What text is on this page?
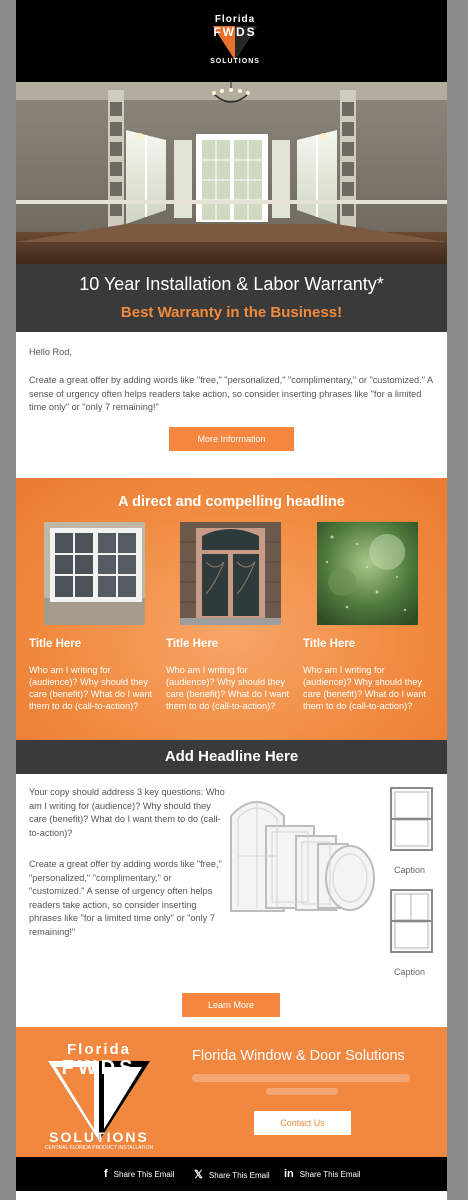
Florida
FWDS
SOLUTIONS
10 Year Installation & Labor Warranty*
Best Warranty in the Business!
Hello Rod,
Create a great offer by adding words like "free," "personalized," "complimentary," or "customized." A sense of urgency often helps readers take action, so consider inserting phrases like "for a limited time only" or "only 7 remaining!"
More Information
A direct and compelling headline
Title Here
Who am I writing for (audience)? Why should they care (benefit)? What do I want them to do (call-to-action)?
Title Here
Who am I writing for (audience)? Why should they care (benefit)? What do I want them to do (call-to-action)?
Title Here
Who am I writing for (audience)? Why should they care (benefit)? What do I want them to do (call-to-action)?
Add Headline Here
Your copy should address 3 key questions: Who am I writing for (audience)? Why should they care (benefit)? What do I want them to do (call-to-action)?
Create a great offer by adding words like "free," "personalized," "complimentary," or "customized." A sense of urgency often helps readers take action, so consider inserting phrases like "for a limited time only" or "only 7 remaining!"
Caption
Caption
Learn More
Florida
FWDS
SOLUTIONS
CENTRAL FLORIDA PRODUCT INSTALLATION
Florida Window & Door Solutions
Contact Us
f Share This Email 𝕏 Share This Email in Share This Email
